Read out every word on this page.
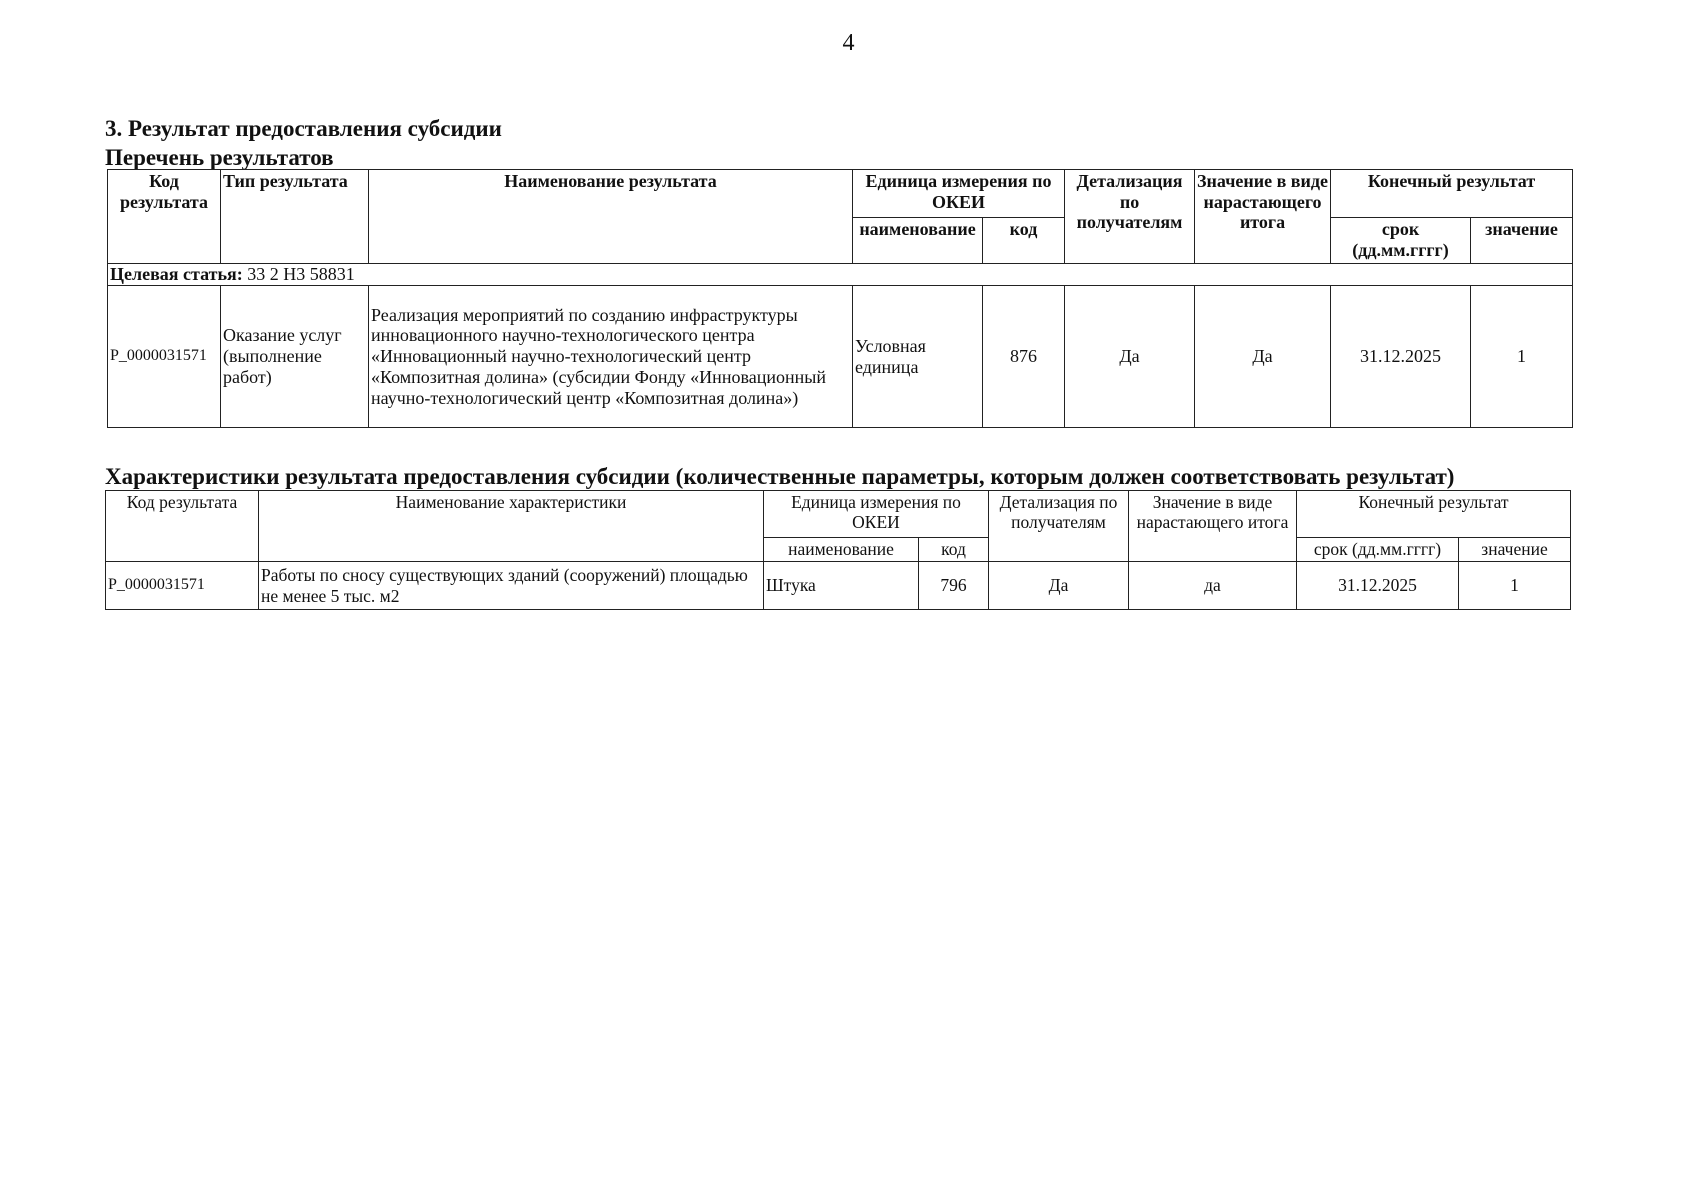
4
3. Результат предоставления субсидии
Перечень результатов
Код результата	Тип результата	Наименование результата	Единица измерения по ОКЕИ		Детализация по получателям	Значение в виде нарастающего итога	Конечный результат	
			наименование	код			срок (дд.мм.гггг)	значение
Целевая статья: 33 2 Н3 58831								
P_0000031571	Оказание услуг (выполнение работ)	Реализация мероприятий по созданию инфраструктуры инновационного научно-технологического центра «Инновационный научно-технологический центр «Композитная долина» (субсидии Фонду «Инновационный научно-технологический центр «Композитная долина»)	Условная единица	876	Да	Да	31.12.2025	1
Характеристики результата предоставления субсидии (количественные параметры, которым должен соответствовать результат)
Код результата	Наименование характеристики	Единица измерения по ОКЕИ		Детализация по получателям	Значение в виде нарастающего итога	Конечный результат	
		наименование	код			срок (дд.мм.гггг)	значение
P_0000031571	Работы по сносу существующих зданий (сооружений) площадью не менее 5 тыс. м2	Штука	796	Да	да	31.12.2025	1
